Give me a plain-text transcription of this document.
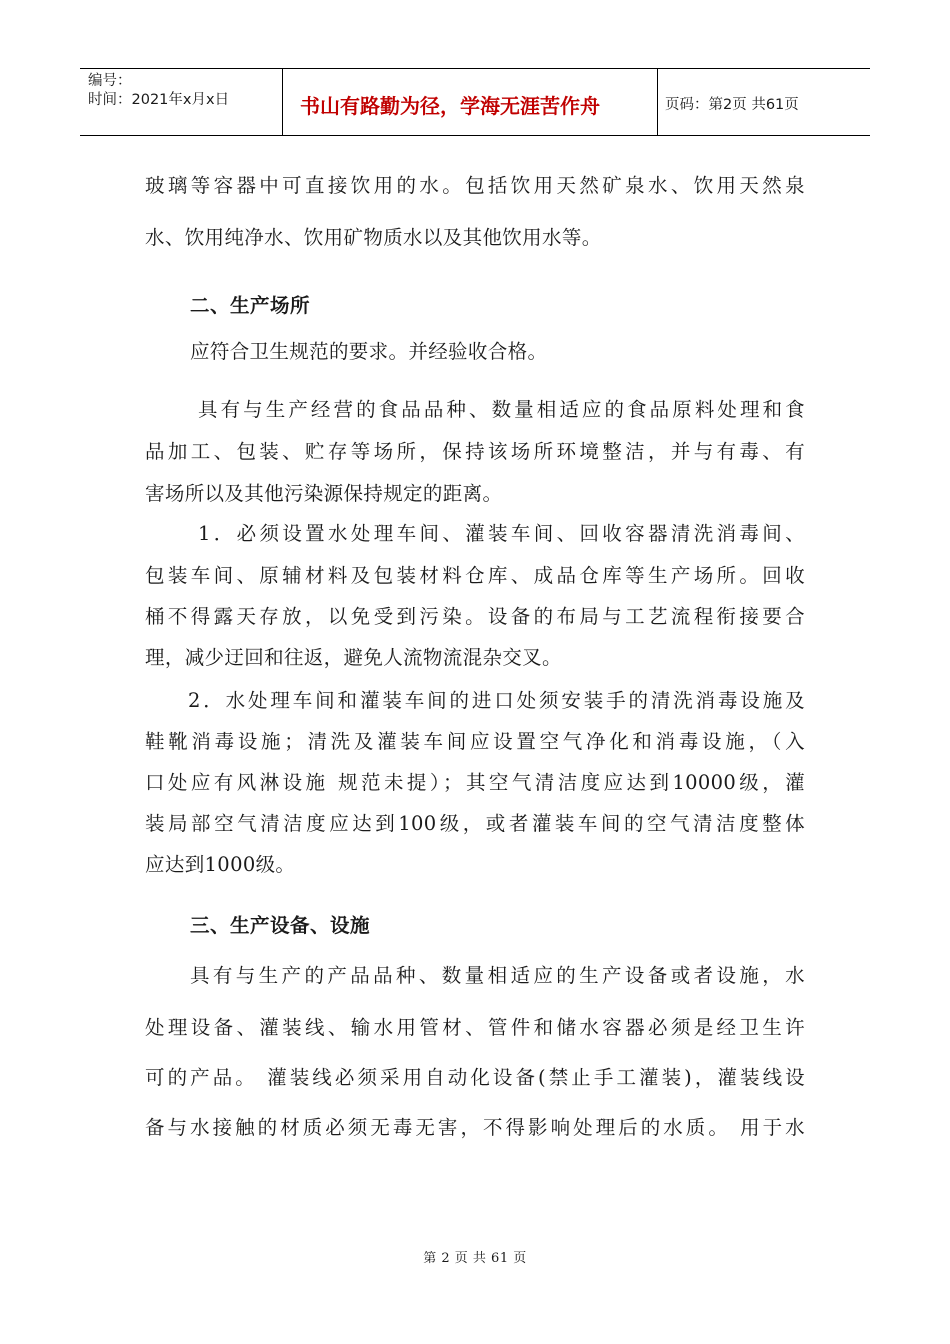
编号：
时间：2021年x月x日	书山有路勤为径，学海无涯苦作舟	页码：第2页 共61页
玻璃等容器中可直接饮用的水。包括饮用天然矿泉水、饮用天然泉
水、饮用纯净水、饮用矿物质水以及其他饮用水等。
二、生产场所
应符合卫生规范的要求。并经验收合格。
具有与生产经营的食品品种、数量相适应的食品原料处理和食
品加工、包装、贮存等场所，保持该场所环境整洁，并与有毒、有
害场所以及其他污染源保持规定的距离。
1．必须设置水处理车间、灌装车间、回收容器清洗消毒间、
包装车间、原辅材料及包装材料仓库、成品仓库等生产场所。回收
桶不得露天存放，以免受到污染。设备的布局与工艺流程衔接要合
理，减少迂回和往返，避免人流物流混杂交叉。
2．水处理车间和灌装车间的进口处须安装手的清洗消毒设施及
鞋靴消毒设施；清洗及灌装车间应设置空气净化和消毒设施，（入
口处应有风淋设施 规范未提）；其空气清洁度应达到10000级，灌
装局部空气清洁度应达到100级，或者灌装车间的空气清洁度整体
应达到1000级。
三、生产设备、设施
具有与生产的产品品种、数量相适应的生产设备或者设施，水
处理设备、灌装线、输水用管材、管件和储水容器必须是经卫生许
可的产品。 灌装线必须采用自动化设备(禁止手工灌装)，灌装线设
备与水接触的材质必须无毒无害，不得影响处理后的水质。 用于水
第 2 页 共 61 页
